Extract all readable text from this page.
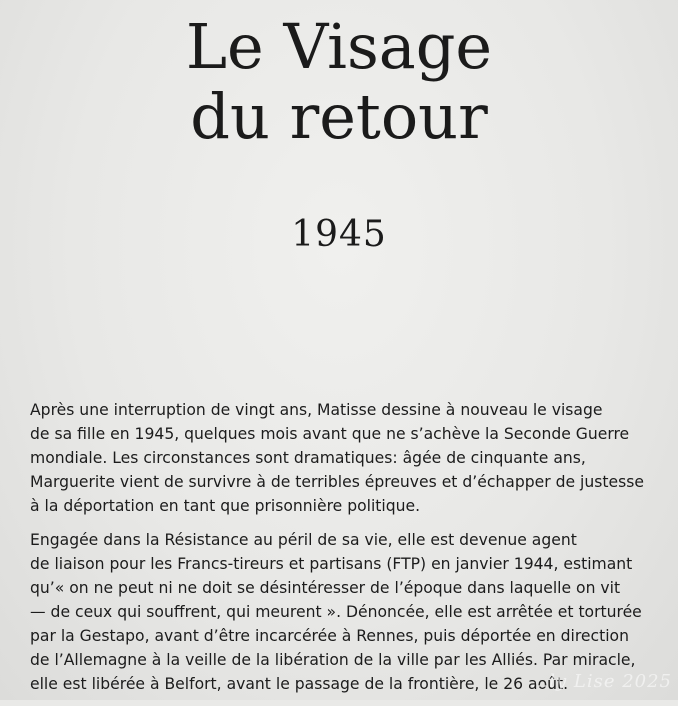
Le Visage
du retour
1945

Après une interruption de vingt ans, Matisse dessine à nouveau le visage
de sa fille en 1945, quelques mois avant que ne s’achève la Seconde Guerre
mondiale. Les circonstances sont dramatiques: âgée de cinquante ans,
Marguerite vient de survivre à de terribles épreuves et d’échapper de justesse
à la déportation en tant que prisonnière politique.

Engagée dans la Résistance au péril de sa vie, elle est devenue agent
de liaison pour les Francs-tireurs et partisans (FTP) en janvier 1944, estimant
qu’« on ne peut ni ne doit se désintéresser de l’époque dans laquelle on vit
— de ceux qui souffrent, qui meurent ». Dénoncée, elle est arrêtée et torturée
par la Gestapo, avant d’être incarcérée à Rennes, puis déportée en direction
de l’Allemagne à la veille de la libération de la ville par les Alliés. Par miracle,
elle est libérée à Belfort, avant le passage de la frontière, le 26 août.

…ly Lise 2025
